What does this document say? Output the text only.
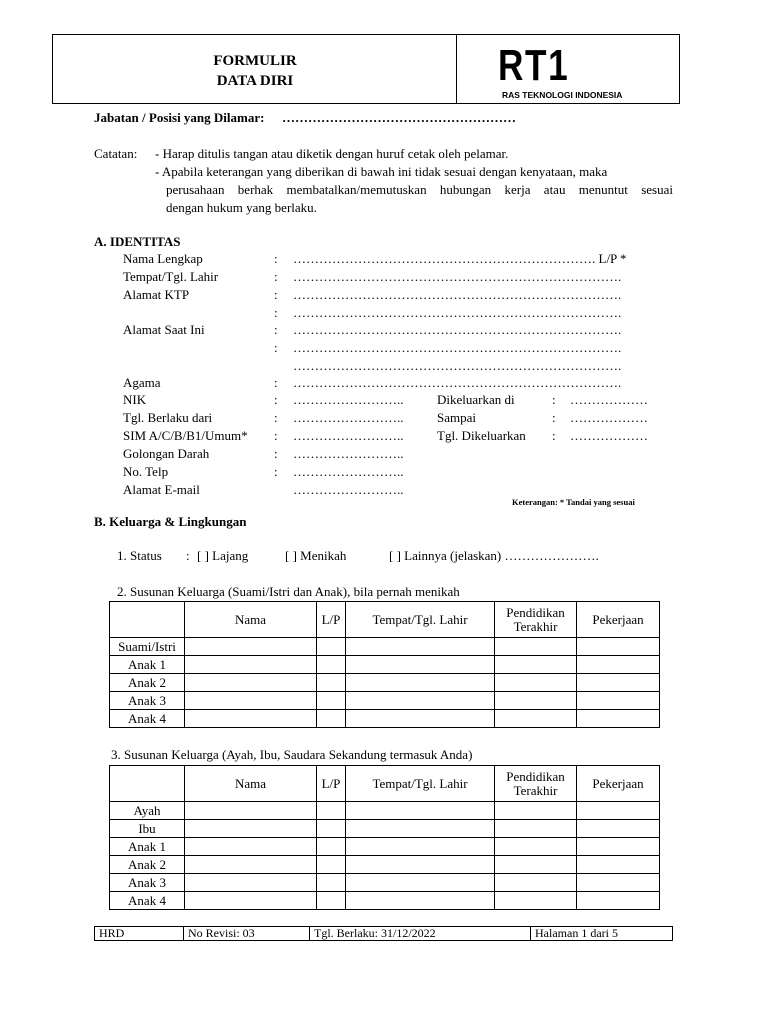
FORMULIR
DATA DIRI	RT1
RAS TEKNOLOGI INDONESIA
Jabatan / Posisi yang Dilamar: ………………………………………………
Catatan: - Harap ditulis tangan atau diketik dengan huruf cetak oleh pelamar.
- Apabila keterangan yang diberikan di bawah ini tidak sesuai dengan kenyataan, maka
perusahaan berhak membatalkan/memutuskan hubungan kerja atau menuntut sesuai
dengan hukum yang berlaku.
A. IDENTITAS
Nama Lengkap	: ……………………………………………………………. L/P *
Tempat/Tgl. Lahir	: ………………………………………………………………….
Alamat KTP	: ………………………………………………………………….
: ………………………………………………………………….
Alamat Saat Ini	: ………………………………………………………………….
: ………………………………………………………………….
………………………………………………………………….
Agama	: ………………………………………………………………….
NIK	: ……………………..	Dikeluarkan di	: ………………
Tgl. Berlaku dari	: ……………………..	Sampai	: ………………
SIM A/C/B/B1/Umum* : ……………………..	Tgl. Dikeluarkan : ………………
Golongan Darah	: ……………………..
No. Telp	: ……………………..
Alamat E-mail	……………………..
Keterangan: * Tandai yang sesuai
B. Keluarga & Lingkungan
1. Status : [ ] Lajang	[ ] Menikah	[ ] Lainnya (jelaskan) ………………….
2. Susunan Keluarga (Suami/Istri dan Anak), bila pernah menikah
	Nama	L/P	Tempat/Tgl. Lahir	Pendidikan Terakhir	Pekerjaan
Suami/Istri					
Anak 1					
Anak 2					
Anak 3					
Anak 4					
3. Susunan Keluarga (Ayah, Ibu, Saudara Sekandung termasuk Anda)
	Nama	L/P	Tempat/Tgl. Lahir	Pendidikan Terakhir	Pekerjaan
Ayah					
Ibu					
Anak 1					
Anak 2					
Anak 3					
Anak 4					
HRD	No Revisi: 03	Tgl. Berlaku: 31/12/2022	Halaman 1 dari 5
